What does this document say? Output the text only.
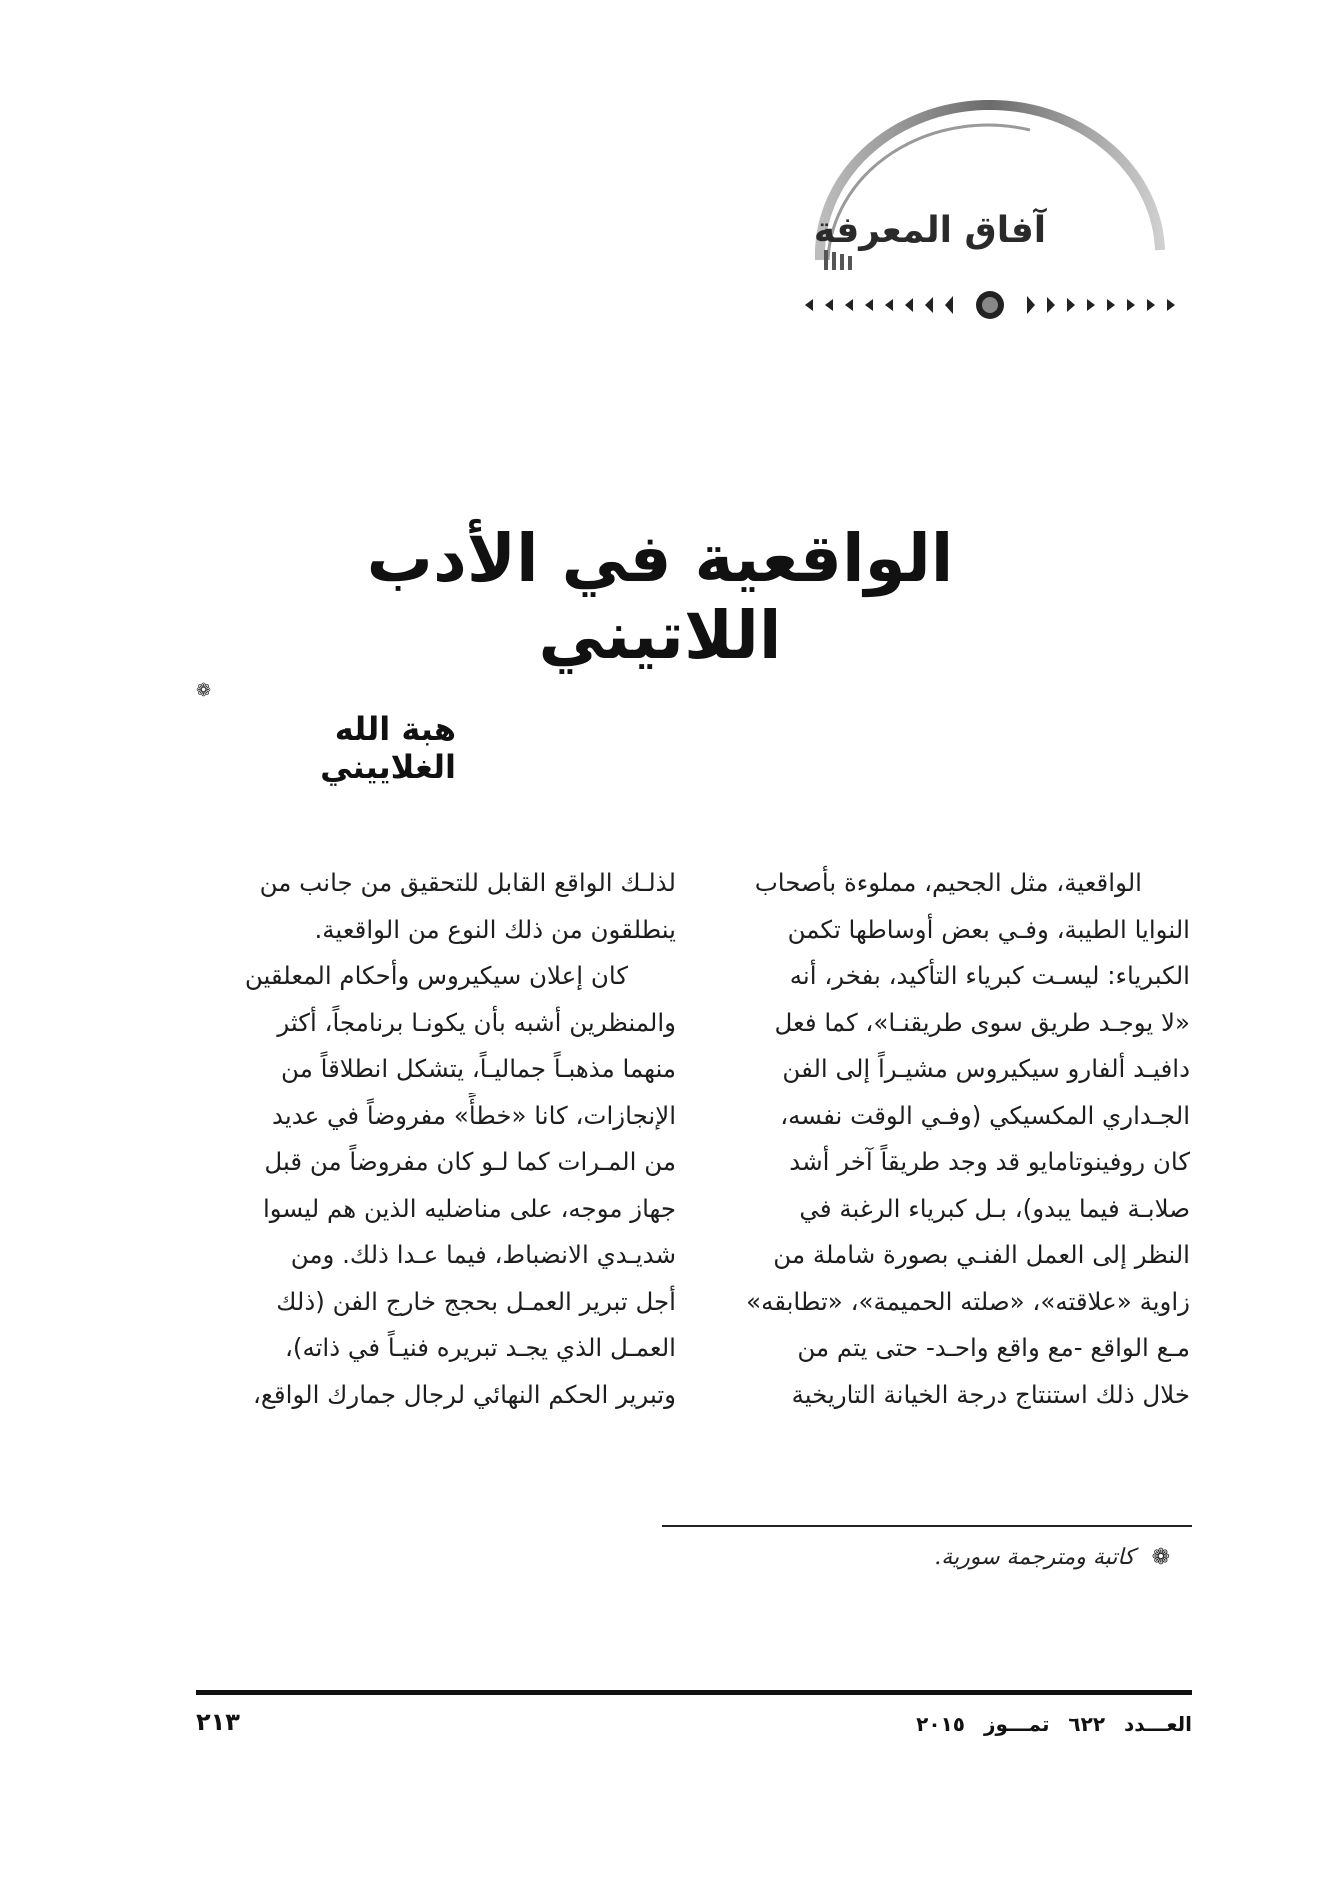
آفاق المعرفة
الواقعية في الأدب اللاتيني
❁
هبة الله الغلاييني
الواقعية، مثل الجحيم، مملوءة بأصحاب
النوايا الطيبة، وفـي بعض أوساطها تكمن
الكبرياء: ليسـت كبرياء التأكيد، بفخر، أنه
«لا يوجـد طريق سوى طريقنـا»، كما فعل
دافيـد ألفارو سيكيروس مشيـراً إلى الفن
الجـداري المكسيكي (وفـي الوقت نفسه،
كان روفينوتامايو قد وجد طريقاً آخر أشد
صلابـة فيما يبدو)، بـل كبرياء الرغبة في
النظر إلى العمل الفنـي بصورة شاملة من
زاوية «علاقته»، «صلته الحميمة»، «تطابقه»
مـع الواقع -مع واقع واحـد- حتى يتم من
خلال ذلك استنتاج درجة الخيانة التاريخية
لذلـك الواقع القابل للتحقيق من جانب من
ينطلقون من ذلك النوع من الواقعية.
كان إعلان سيكيروس وأحكام المعلقين
والمنظرين أشبه بأن يكونـا برنامجاً، أكثر
منهما مذهبـاً جماليـاً، يتشكل انطلاقاً من
الإنجازات، كانا «خطأً» مفروضاً في عديد
من المـرات كما لـو كان مفروضاً من قبل
جهاز موجه، على مناضليه الذين هم ليسوا
شديـدي الانضباط، فيما عـدا ذلك. ومن
أجل تبرير العمـل بحجج خارج الفن (ذلك
العمـل الذي يجـد تبريره فنيـاً في ذاته)،
وتبرير الحكم النهائي لرجال جمارك الواقع،
❁ كاتبة ومترجمة سورية.
العـــدد ٦٢٢ تمـــوز ٢٠١٥
٢١٣
